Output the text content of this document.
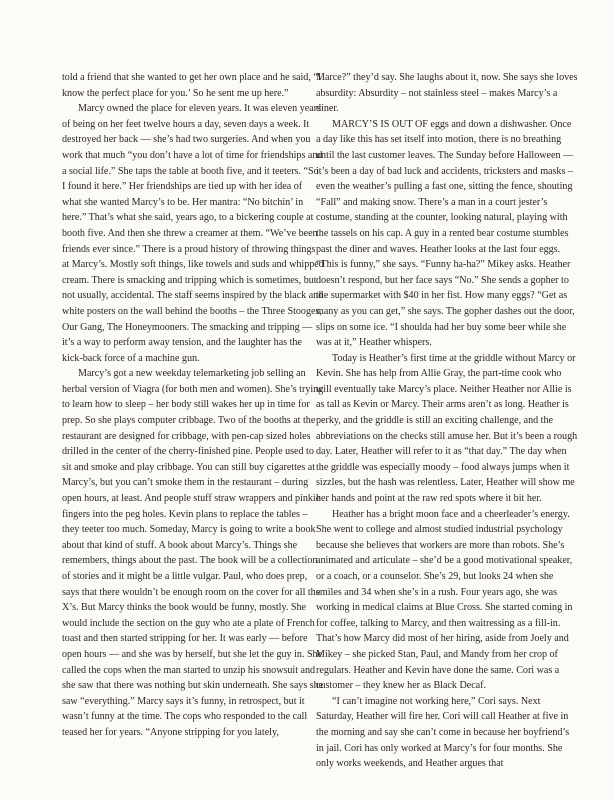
told a friend that she wanted to get her own place and he said, “I know the perfect place for you.’ So he sent me up here.”

Marcy owned the place for eleven years. It was eleven years of being on her feet twelve hours a day, seven days a week. It destroyed her back — she’s had two surgeries. And when you work that much “you don’t have a lot of time for friendships and a social life.” She taps the table at booth five, and it teeters. “So I found it here.” Her friendships are tied up with her idea of what she wanted Marcy’s to be. Her mantra: “No bitchin’ in here.” That’s what she said, years ago, to a bickering couple at booth five. And then she threw a creamer at them. “We’ve been friends ever since.” There is a proud history of throwing things at Marcy’s. Mostly soft things, like towels and suds and whipped cream. There is smacking and tripping which is sometimes, but not usually, accidental. The staff seems inspired by the black and white posters on the wall behind the booths – the Three Stooges, Our Gang, The Honeymooners. The smacking and tripping — it’s a way to perform away tension, and the laughter has the kick-back force of a machine gun.

Marcy’s got a new weekday telemarketing job selling an herbal version of Viagra (for both men and women). She’s trying to learn how to sleep – her body still wakes her up in time for prep. So she plays computer cribbage. Two of the booths at the restaurant are designed for cribbage, with pen-cap sized holes drilled in the center of the cherry-finished pine. People used to sit and smoke and play cribbage. You can still buy cigarettes at Marcy’s, but you can’t smoke them in the restaurant – during open hours, at least. And people stuff straw wrappers and pinkie fingers into the peg holes. Kevin plans to replace the tables – they teeter too much. Someday, Marcy is going to write a book about that kind of stuff. A book about Marcy’s. Things she remembers, things about the past. The book will be a collection of stories and it might be a little vulgar. Paul, who does prep, says that there wouldn’t be enough room on the cover for all the X’s. But Marcy thinks the book would be funny, mostly. She would include the section on the guy who ate a plate of French toast and then started stripping for her. It was early — before open hours — and she was by herself, but she let the guy in. She called the cops when the man started to unzip his snowsuit and she saw that there was nothing but skin underneath. She says she saw “everything.” Marcy says it’s funny, in retrospect, but it wasn’t funny at the time. The cops who responded to the call teased her for years. “Anyone stripping for you lately,

Marce?” they’d say. She laughs about it, now. She says she loves absurdity: Absurdity – not stainless steel – makes Marcy’s a diner.

MARCY’S IS OUT OF eggs and down a dishwasher. Once a day like this has set itself into motion, there is no breathing until the last customer leaves. The Sunday before Halloween — it’s been a day of bad luck and accidents, tricksters and masks – even the weather’s pulling a fast one, sitting the fence, shouting “Fall” and making snow. There’s a man in a court jester’s costume, standing at the counter, looking natural, playing with the tassels on his cap. A guy in a rented bear costume stumbles past the diner and waves. Heather looks at the last four eggs. “This is funny,” she says. “Funny ha-ha?” Mikey asks. Heather doesn’t respond, but her face says “No.” She sends a gopher to the supermarket with $40 in her fist. How many eggs? “Get as many as you can get,” she says. The gopher dashes out the door, slips on some ice. “I shoulda had her buy some beer while she was at it,” Heather whispers.

Today is Heather’s first time at the griddle without Marcy or Kevin. She has help from Allie Gray, the part-time cook who will eventually take Marcy’s place. Neither Heather nor Allie is as tall as Kevin or Marcy. Their arms aren’t as long. Heather is perky, and the griddle is still an exciting challenge, and the abbreviations on the checks still amuse her. But it’s been a rough day. Later, Heather will refer to it as “that day.” The day when the griddle was especially moody – food always jumps when it sizzles, but the hash was relentless. Later, Heather will show me her hands and point at the raw red spots where it bit her.

Heather has a bright moon face and a cheerleader’s energy. She went to college and almost studied industrial psychology because she believes that workers are more than robots. She’s animated and articulate – she’d be a good motivational speaker, or a coach, or a counselor. She’s 29, but looks 24 when she smiles and 34 when she’s in a rush. Four years ago, she was working in medical claims at Blue Cross. She started coming in for coffee, talking to Marcy, and then waitressing as a fill-in. That’s how Marcy did most of her hiring, aside from Joely and Mikey – she picked Stan, Paul, and Mandy from her crop of regulars. Heather and Kevin have done the same. Cori was a customer – they knew her as Black Decaf.

“I can’t imagine not working here,” Cori says. Next Saturday, Heather will fire her. Cori will call Heather at five in the morning and say she can’t come in because her boyfriend’s in jail. Cori has only worked at Marcy’s for four months. She only works weekends, and Heather argues that
